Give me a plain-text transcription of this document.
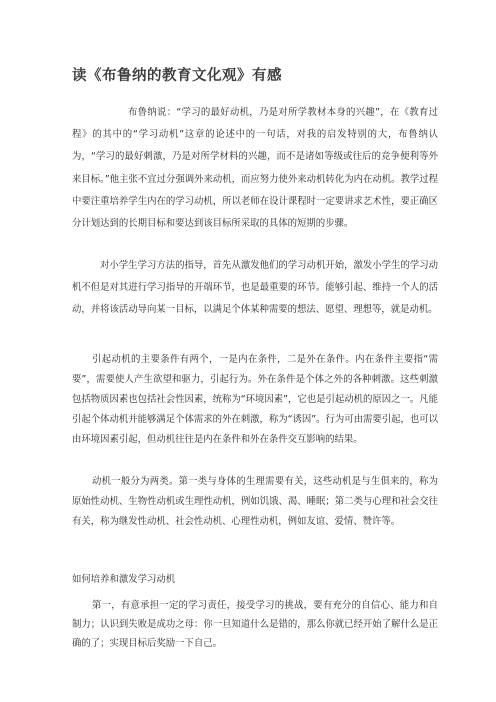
读《布鲁纳的教育文化观》有感

布鲁纳说：“学习的最好动机，乃是对所学教材本身的兴趣”，在《教育过程》的其中的“学习动机”这章的论述中的一句话，对我的启发特别的大，布鲁纳认为，“学习的最好刺激，乃是对所学材料的兴趣，而不是诸如等级或往后的竞争便利等外来目标。”他主张不宜过分强调外来动机，而应努力使外来动机转化为内在动机。教学过程中要注重培养学生内在的学习动机，所以老师在设计课程时一定要讲求艺术性，要正确区分计划达到的长期目标和要达到该目标所采取的具体的短期的步骤。

对小学生学习方法的指导，首先从激发他们的学习动机开始，激发小学生的学习动机不但是对其进行学习指导的开端环节，也是最重要的环节。能够引起、维持一个人的活动，并将该活动导向某一目标，以满足个体某种需要的想法、愿望、理想等，就是动机。

引起动机的主要条件有两个，一是内在条件，二是外在条件。内在条件主要指“需要”，需要使人产生欲望和驱力，引起行为。外在条件是个体之外的各种刺激。这些刺激包括物质因素也包括社会性因素，统称为“环境因素”，它也是引起动机的原因之一。凡能引起个体动机并能够满足个体需求的外在刺激，称为“诱因”。行为可由需要引起，也可以由环境因素引起，但动机往往是内在条件和外在条件交互影响的结果。

动机一般分为两类。第一类与身体的生理需要有关，这些动机是与生俱来的，称为原始性动机、生物性动机或生理性动机，例如饥饿、渴、睡眠；第二类与心理和社会交往有关，称为继发性动机、社会性动机、心理性动机，例如友谊、爱情、赞许等。

如何培养和激发学习动机

第一，有意承担一定的学习责任，接受学习的挑战，要有充分的自信心、能力和自制力；认识到失败是成功之母：你一旦知道什么是错的，那么你就已经开始了解什么是正确的了；实现目标后奖励一下自己。
